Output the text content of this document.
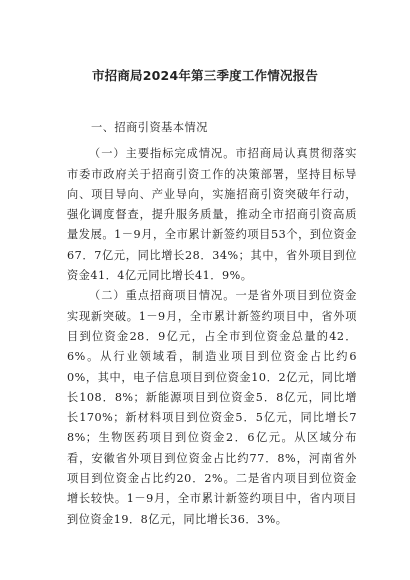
市招商局2024年第三季度工作情况报告

一、招商引资基本情况

（一）主要指标完成情况。市招商局认真贯彻落实市委市政府关于招商引资工作的决策部署，坚持目标导向、项目导向、产业导向，实施招商引资突破年行动，强化调度督查，提升服务质量，推动全市招商引资高质量发展。1－9月，全市累计新签约项目53个，到位资金67．7亿元，同比增长28．34%；其中，省外项目到位资金41．4亿元同比增长41．9%。

（二）重点招商项目情况。一是省外项目到位资金实现新突破。1－9月，全市累计新签约项目中，省外项目到位资金28．9亿元，占全市到位资金总量的42．6%。从行业领域看，制造业项目到位资金占比约60%，其中，电子信息项目到位资金10．2亿元，同比增长108．8%；新能源项目到位资金5．8亿元，同比增长170%；新材料项目到位资金5．5亿元，同比增长78%；生物医药项目到位资金2．6亿元。从区域分布看，安徽省外项目到位资金占比约77．8%，河南省外项目到位资金占比约20．2%。二是省内项目到位资金增长较快。1－9月，全市累计新签约项目中，省内项目到位资金19．8亿元，同比增长36．3%。
